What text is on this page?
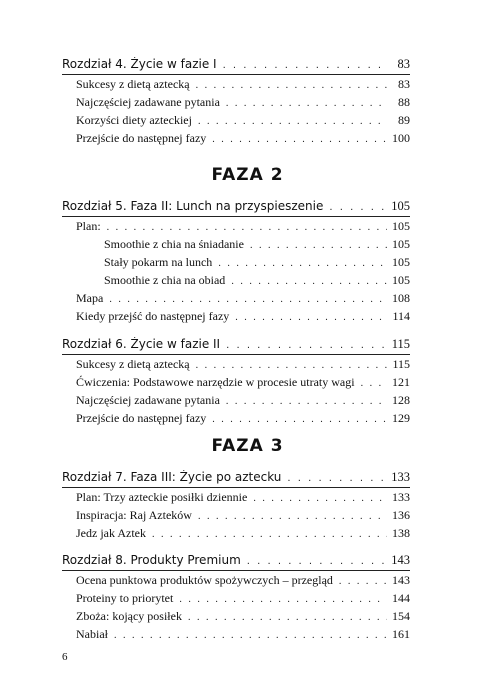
Rozdział 4. Życie w fazie I . . .	83
Sukcesy z dietą aztecką . . .	83
Najczęściej zadawane pytania . . .	88
Korzyści diety azteckiej . . .	89
Przejście do następnej fazy . . .	100
FAZA 2
Rozdział 5. Faza II: Lunch na przyspieszenie . . .	105
Plan: . . .	105
Smoothie z chia na śniadanie . . .	105
Stały pokarm na lunch . . .	105
Smoothie z chia na obiad . . .	105
Mapa . . .	108
Kiedy przejść do następnej fazy . . .	114
Rozdział 6. Życie w fazie II . . .	115
Sukcesy z dietą aztecką . . .	115
Ćwiczenia: Podstawowe narzędzie w procesie utraty wagi . . .	121
Najczęściej zadawane pytania . . .	128
Przejście do następnej fazy . . .	129
FAZA 3
Rozdział 7. Faza III: Życie po aztecku . . .	133
Plan: Trzy azteckie posiłki dziennie . . .	133
Inspiracja: Raj Azteków . . .	136
Jedz jak Aztek . . .	138
Rozdział 8. Produkty Premium . . .	143
Ocena punktowa produktów spożywczych – przegląd . . .	143
Proteiny to priorytet . . .	144
Zboża: kojący posiłek . . .	154
Nabiał . . .	161
6
